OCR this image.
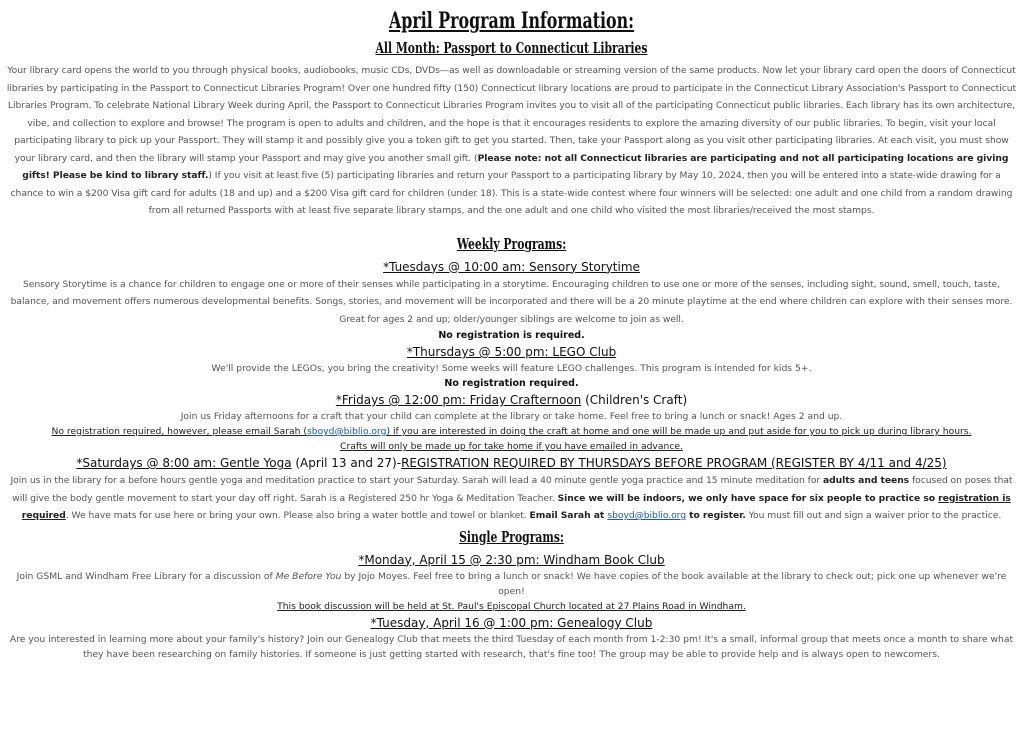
April Program Information:
All Month: Passport to Connecticut Libraries

Your library card opens the world to you through physical books, audiobooks, music CDs, DVDs—as well as downloadable or streaming version of the same products. Now let your library card open the doors of Connecticut libraries by participating in the Passport to Connecticut Libraries Program! Over one hundred fifty (150) Connecticut library locations are proud to participate in the Connecticut Library Association's Passport to Connecticut Libraries Program. To celebrate National Library Week during April, the Passport to Connecticut Libraries Program invites you to visit all of the participating Connecticut public libraries. Each library has its own architecture, vibe, and collection to explore and browse! The program is open to adults and children, and the hope is that it encourages residents to explore the amazing diversity of our public libraries. To begin, visit your local participating library to pick up your Passport. They will stamp it and possibly give you a token gift to get you started. Then, take your Passport along as you visit other participating libraries. At each visit, you must show your library card, and then the library will stamp your Passport and may give you another small gift. (Please note: not all Connecticut libraries are participating and not all participating locations are giving gifts! Please be kind to library staff.) If you visit at least five (5) participating libraries and return your Passport to a participating library by May 10, 2024, then you will be entered into a state-wide drawing for a chance to win a $200 Visa gift card for adults (18 and up) and a $200 Visa gift card for children (under 18). This is a state-wide contest where four winners will be selected: one adult and one child from a random drawing from all returned Passports with at least five separate library stamps, and the one adult and one child who visited the most libraries/received the most stamps.

Weekly Programs:

*Tuesdays @ 10:00 am: Sensory Storytime

Sensory Storytime is a chance for children to engage one or more of their senses while participating in a storytime. Encouraging children to use one or more of the senses, including sight, sound, smell, touch, taste, balance, and movement offers numerous developmental benefits. Songs, stories, and movement will be incorporated and there will be a 20 minute playtime at the end where children can explore with their senses more. Great for ages 2 and up; older/younger siblings are welcome to join as well.

No registration is required.

*Thursdays @ 5:00 pm: LEGO Club

We'll provide the LEGOs, you bring the creativity! Some weeks will feature LEGO challenges. This program is intended for kids 5+.

No registration required.

*Fridays @ 12:00 pm: Friday Crafternoon (Children's Craft)

Join us Friday afternoons for a craft that your child can complete at the library or take home. Feel free to bring a lunch or snack! Ages 2 and up.

No registration required, however, please email Sarah (sboyd@biblio.org) if you are interested in doing the craft at home and one will be made up and put aside for you to pick up during library hours.
Crafts will only be made up for take home if you have emailed in advance.

*Saturdays @ 8:00 am: Gentle Yoga (April 13 and 27)-REGISTRATION REQUIRED BY THURSDAYS BEFORE PROGRAM (REGISTER BY 4/11 and 4/25)

Join us in the library for a before hours gentle yoga and meditation practice to start your Saturday. Sarah will lead a 40 minute gentle yoga practice and 15 minute meditation for adults and teens focused on poses that will give the body gentle movement to start your day off right. Sarah is a Registered 250 hr Yoga & Meditation Teacher. Since we will be indoors, we only have space for six people to practice so registration is required. We have mats for use here or bring your own. Please also bring a water bottle and towel or blanket. Email Sarah at sboyd@biblio.org to register. You must fill out and sign a waiver prior to the practice.

Single Programs:

*Monday, April 15 @ 2:30 pm: Windham Book Club

Join GSML and Windham Free Library for a discussion of Me Before You by Jojo Moyes. Feel free to bring a lunch or snack! We have copies of the book available at the library to check out; pick one up whenever we're open!

This book discussion will be held at St. Paul's Episcopal Church located at 27 Plains Road in Windham.

*Tuesday, April 16 @ 1:00 pm: Genealogy Club

Are you interested in learning more about your family's history? Join our Genealogy Club that meets the third Tuesday of each month from 1-2:30 pm! It's a small, informal group that meets once a month to share what they have been researching on family histories. If someone is just getting started with research, that's fine too! The group may be able to provide help and is always open to newcomers.
